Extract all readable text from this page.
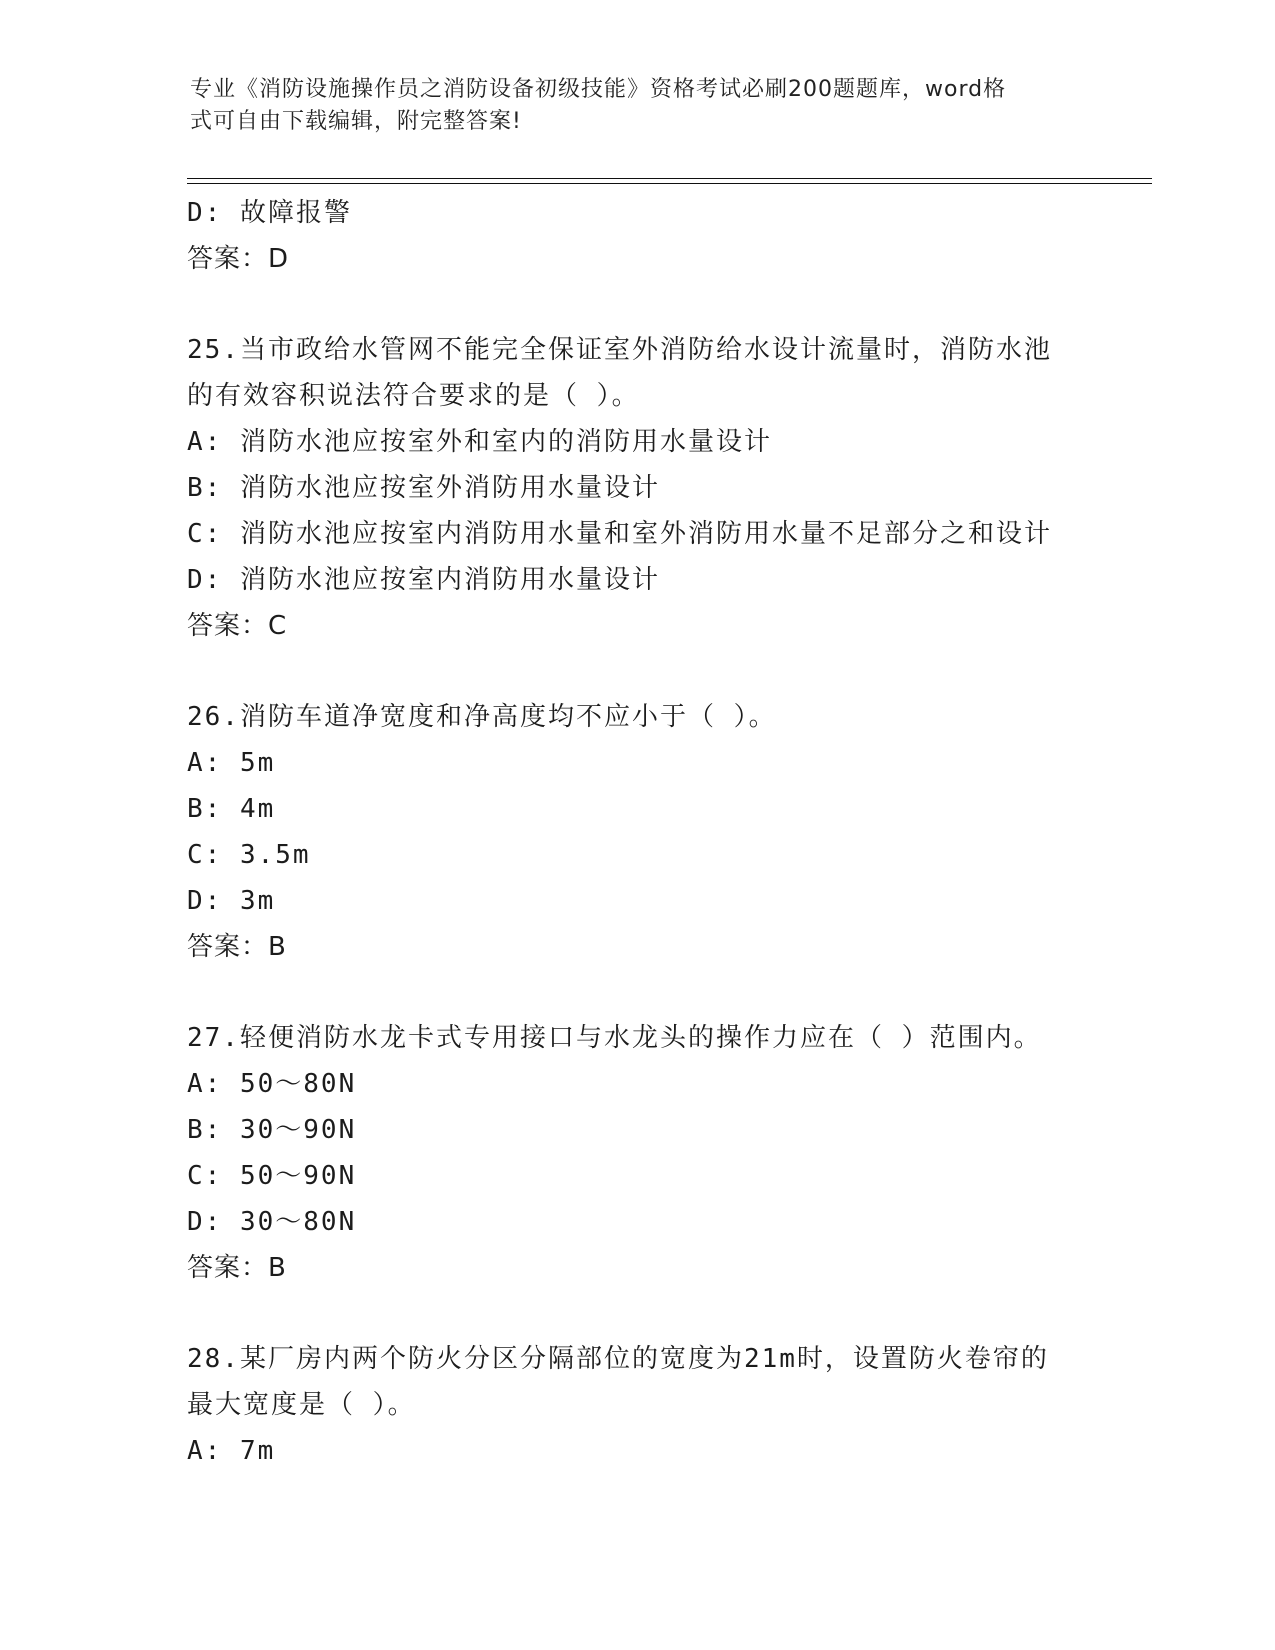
专业《消防设施操作员之消防设备初级技能》资格考试必刷200题题库，word格
式可自由下载编辑，附完整答案!
D: 故障报警
答案：D
25.当市政给水管网不能完全保证室外消防给水设计流量时，消防水池
的有效容积说法符合要求的是（ ）。
A: 消防水池应按室外和室内的消防用水量设计
B: 消防水池应按室外消防用水量设计
C: 消防水池应按室内消防用水量和室外消防用水量不足部分之和设计
D: 消防水池应按室内消防用水量设计
答案：C
26.消防车道净宽度和净高度均不应小于（ ）。
A: 5m
B: 4m
C: 3.5m
D: 3m
答案：B
27.轻便消防水龙卡式专用接口与水龙头的操作力应在（ ）范围内。
A: 50～80N
B: 30～90N
C: 50～90N
D: 30～80N
答案：B
28.某厂房内两个防火分区分隔部位的宽度为21m时，设置防火卷帘的
最大宽度是（ ）。
A: 7m
